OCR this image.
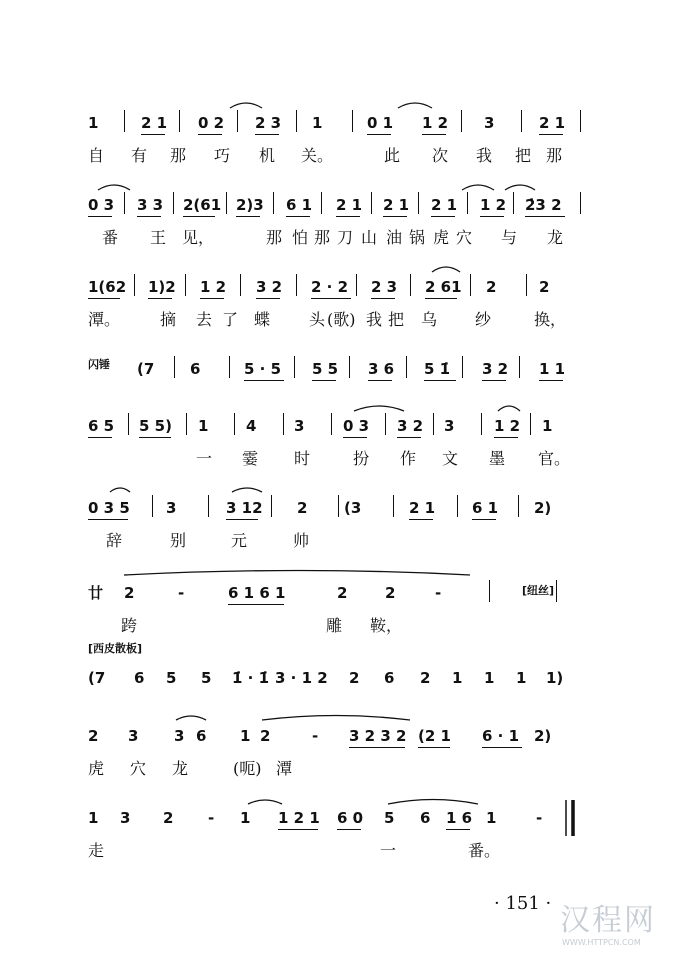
1	2 1 0 2 2 3 1	0 1 1 2 3	2 1
自 有 那 巧 机 关。	此 次 我 把 那
0 3 3 3 2(61 2)3 6 1 2 1 2 1 2 1 1 2 2̇3 2
番 王 见，	那 怕 那 刀 山 油 锅 虎 穴 与 龙
1(62 1)2 1 2 3 2 2 · 2 2 3 2 61 2	2
潭。 摘 去 了 蝶 头 (歌) 我 把 乌 纱	换，
(7 6	5 · 5 5 5 3 6 5 1̇ 3 2 1 1
6 5 5 5) 1	4	3	0 3 3 2 3	1 2 1
一 霎 时	扮 作 文 墨 官。
0 3 5 3	3 12 2 (3	2 1 6 1 2)
辞	别	元	帅
廿 2	-	6 1 6 1	2	2	-
跨	雕 鞍，
(7 6 5 5 1̇ · 1̇ 3 · 1 2 2 6 2 1 1 1 1)
2 3 3 6 1 2	- 3 2 3 2 (2 1 6 · 1 2)
虎 穴 龙	(呃) 潭
1 3 2 - 1 1 2 1 6 0 5 6 1 6 1	-
走	一	番。
闪锤
[纽丝]
[西皮散板]
· 151 · 汉程网
WWW.HTTPCN.COM
